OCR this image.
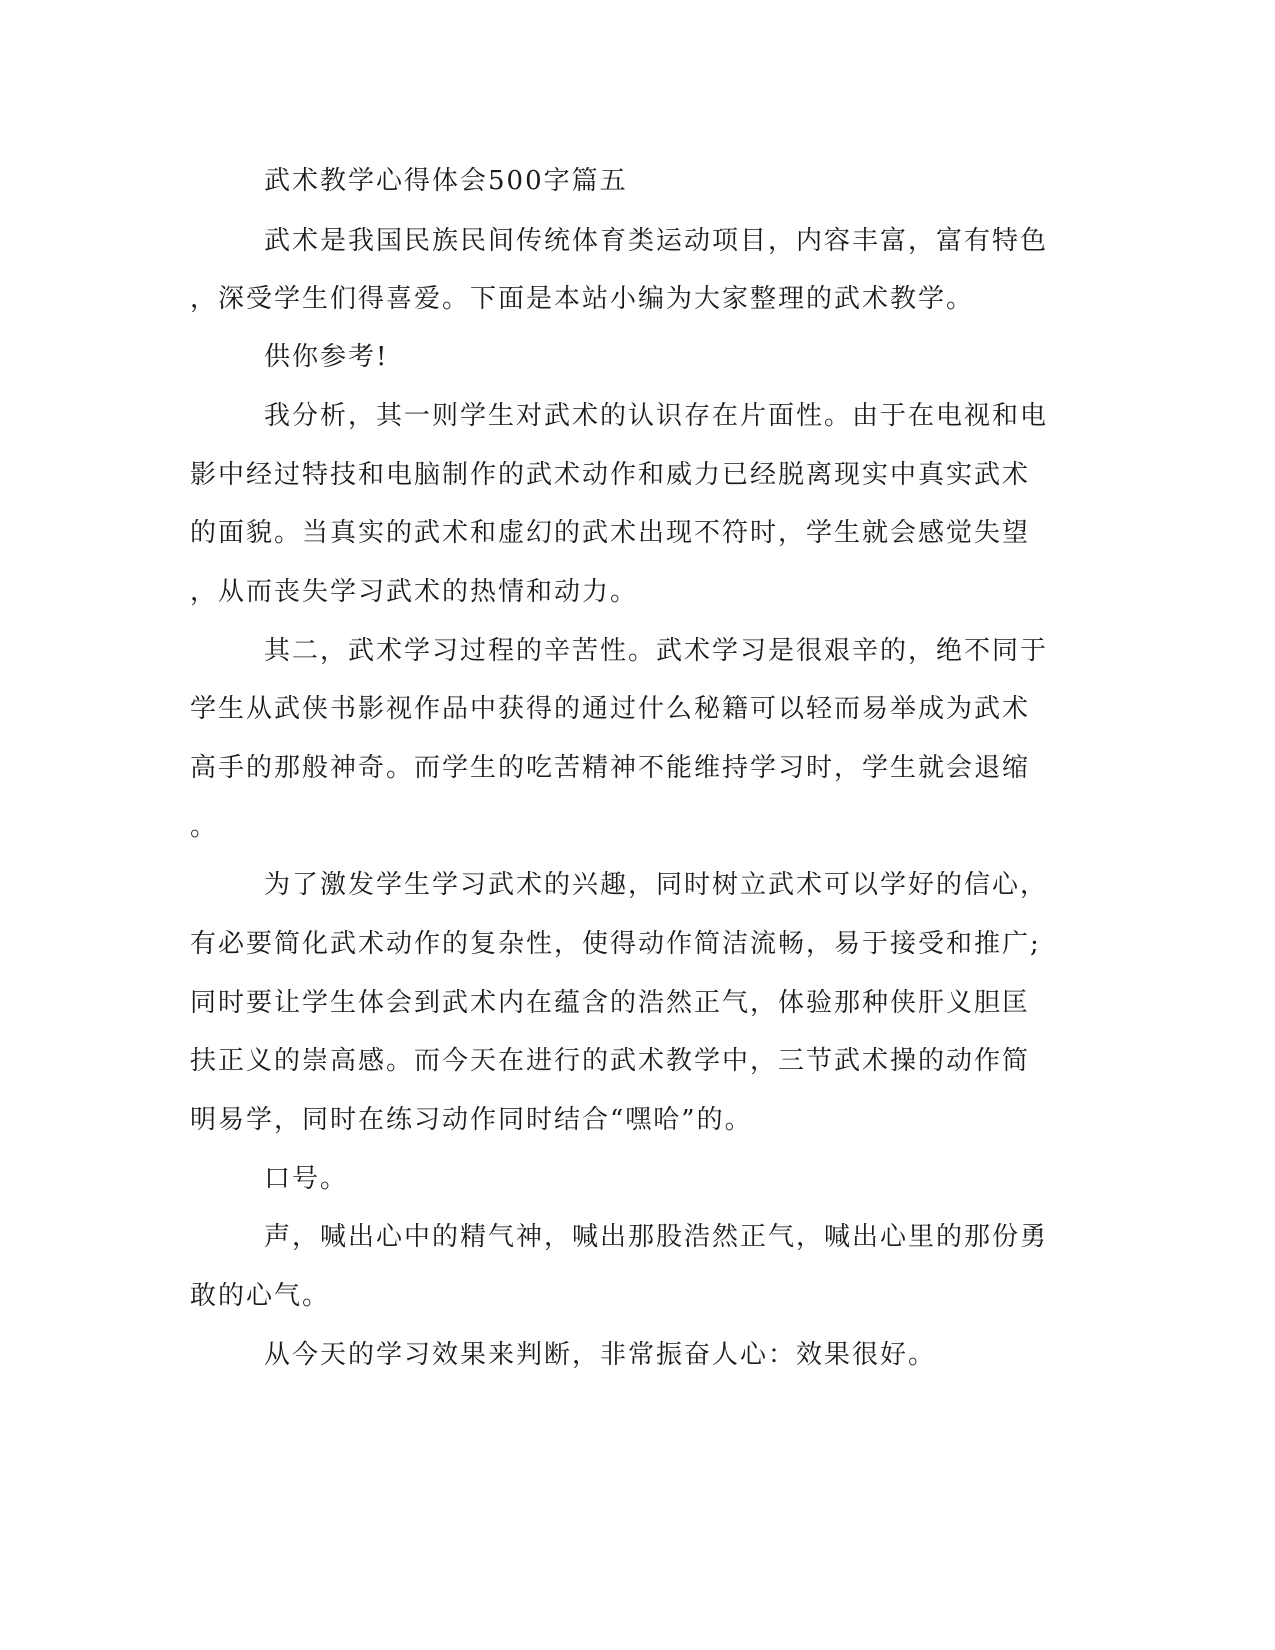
武术教学心得体会500字篇五
武术是我国民族民间传统体育类运动项目，内容丰富，富有特色
，深受学生们得喜爱。下面是本站小编为大家整理的武术教学。
供你参考!
我分析，其一则学生对武术的认识存在片面性。由于在电视和电
影中经过特技和电脑制作的武术动作和威力已经脱离现实中真实武术
的面貌。当真实的武术和虚幻的武术出现不符时，学生就会感觉失望
，从而丧失学习武术的热情和动力。
其二，武术学习过程的辛苦性。武术学习是很艰辛的，绝不同于
学生从武侠书影视作品中获得的通过什么秘籍可以轻而易举成为武术
高手的那般神奇。而学生的吃苦精神不能维持学习时，学生就会退缩
。
为了激发学生学习武术的兴趣，同时树立武术可以学好的信心，
有必要简化武术动作的复杂性，使得动作简洁流畅，易于接受和推广;
同时要让学生体会到武术内在蕴含的浩然正气，体验那种侠肝义胆匡
扶正义的崇高感。而今天在进行的武术教学中，三节武术操的动作简
明易学，同时在练习动作同时结合“嘿哈”的。
口号。
声，喊出心中的精气神，喊出那股浩然正气，喊出心里的那份勇
敢的心气。
从今天的学习效果来判断，非常振奋人心：效果很好。
